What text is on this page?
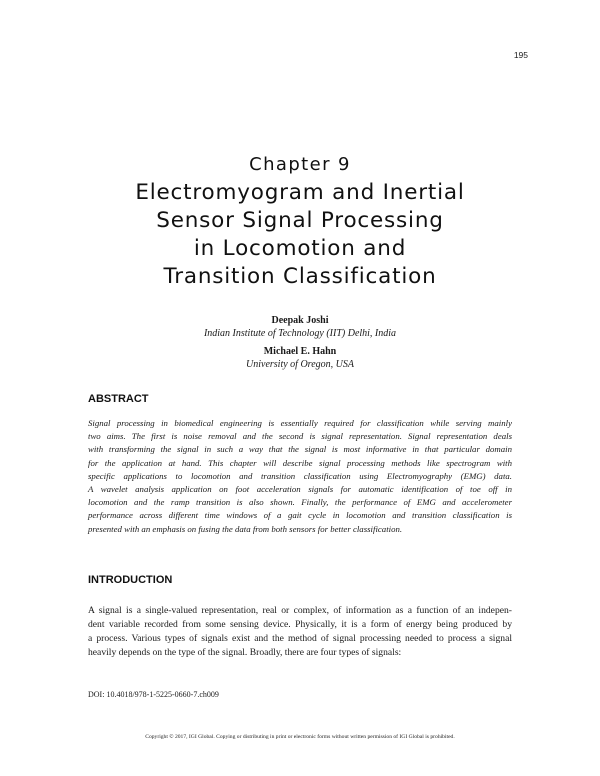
195
Chapter 9
Electromyogram and Inertial
Sensor Signal Processing
in Locomotion and
Transition Classification
Deepak Joshi
Indian Institute of Technology (IIT) Delhi, India
Michael E. Hahn
University of Oregon, USA
ABSTRACT
Signal processing in biomedical engineering is essentially required for classification while serving mainly
two aims. The first is noise removal and the second is signal representation. Signal representation deals
with transforming the signal in such a way that the signal is most informative in that particular domain
for the application at hand. This chapter will describe signal processing methods like spectrogram with
specific applications to locomotion and transition classification using Electromyography (EMG) data.
A wavelet analysis application on foot acceleration signals for automatic identification of toe off in
locomotion and the ramp transition is also shown. Finally, the performance of EMG and accelerometer
performance across different time windows of a gait cycle in locomotion and transition classification is
presented with an emphasis on fusing the data from both sensors for better classification.
INTRODUCTION
A signal is a single-valued representation, real or complex, of information as a function of an indepen-
dent variable recorded from some sensing device. Physically, it is a form of energy being produced by
a process. Various types of signals exist and the method of signal processing needed to process a signal
heavily depends on the type of the signal. Broadly, there are four types of signals:
DOI: 10.4018/978-1-5225-0660-7.ch009
Copyright © 2017, IGI Global. Copying or distributing in print or electronic forms without written permission of IGI Global is prohibited.
